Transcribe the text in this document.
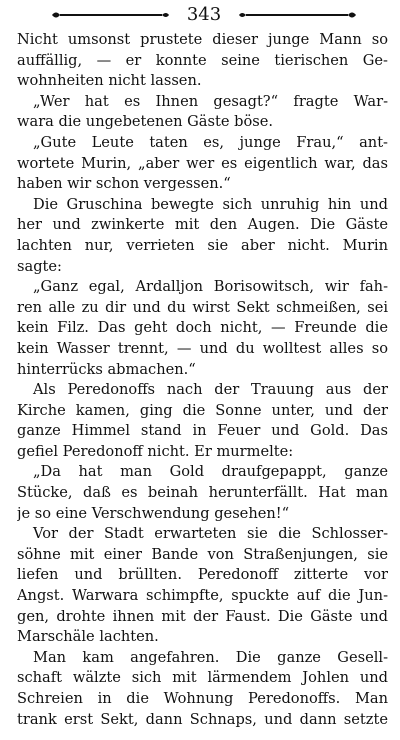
343
Nicht umsonst prustete dieser junge Mann so
auffällig, — er konnte seine tierischen Ge-
wohnheiten nicht lassen.
„Wer hat es Ihnen gesagt?“ fragte War-
wara die ungebetenen Gäste böse.
„Gute Leute taten es, junge Frau,“ ant-
wortete Murin, „aber wer es eigentlich war, das
haben wir schon vergessen.“
Die Gruschina bewegte sich unruhig hin und
her und zwinkerte mit den Augen. Die Gäste
lachten nur, verrieten sie aber nicht. Murin
sagte:
„Ganz egal, Ardalljon Borisowitsch, wir fah-
ren alle zu dir und du wirst Sekt schmeißen, sei
kein Filz. Das geht doch nicht, — Freunde die
kein Wasser trennt, — und du wolltest alles so
hinterrücks abmachen.“
Als Peredonoffs nach der Trauung aus der
Kirche kamen, ging die Sonne unter, und der
ganze Himmel stand in Feuer und Gold. Das
gefiel Peredonoff nicht. Er murmelte:
„Da hat man Gold draufgepappt, ganze
Stücke, daß es beinah herunterfällt. Hat man
je so eine Verschwendung gesehen!“
Vor der Stadt erwarteten sie die Schlosser-
söhne mit einer Bande von Straßenjungen, sie
liefen und brüllten. Peredonoff zitterte vor
Angst. Warwara schimpfte, spuckte auf die Jun-
gen, drohte ihnen mit der Faust. Die Gäste und
Marschäle lachten.
Man kam angefahren. Die ganze Gesell-
schaft wälzte sich mit lärmendem Johlen und
Schreien in die Wohnung Peredonoffs. Man
trank erst Sekt, dann Schnaps, und dann setzte
